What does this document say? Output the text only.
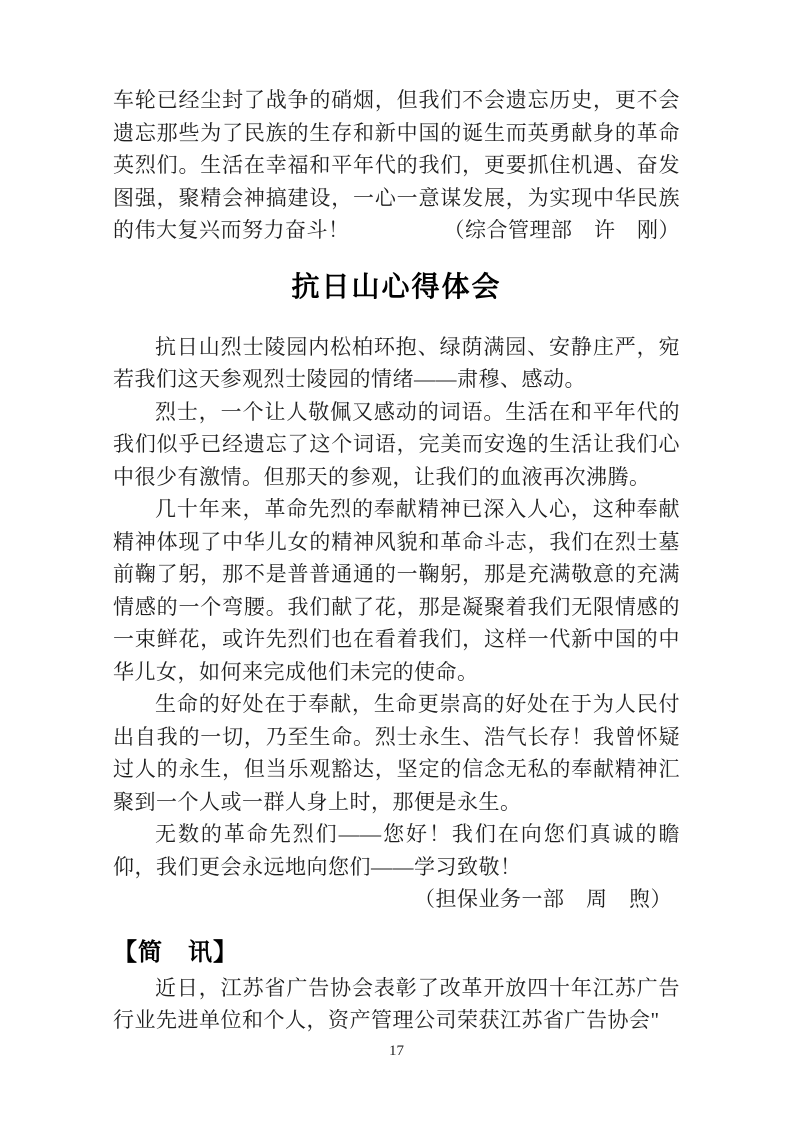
车轮已经尘封了战争的硝烟，但我们不会遗忘历史，更不会遗忘那些为了民族的生存和新中国的诞生而英勇献身的革命英烈们。生活在幸福和平年代的我们，更要抓住机遇、奋发图强，聚精会神搞建设，一心一意谋发展，为实现中华民族的伟大复兴而努力奋斗！	（综合管理部　许　刚）

抗日山心得体会

抗日山烈士陵园内松柏环抱、绿荫满园、安静庄严，宛若我们这天参观烈士陵园的情绪——肃穆、感动。

烈士，一个让人敬佩又感动的词语。生活在和平年代的我们似乎已经遗忘了这个词语，完美而安逸的生活让我们心中很少有激情。但那天的参观，让我们的血液再次沸腾。

几十年来，革命先烈的奉献精神已深入人心，这种奉献精神体现了中华儿女的精神风貌和革命斗志，我们在烈士墓前鞠了躬，那不是普普通通的一鞠躬，那是充满敬意的充满情感的一个弯腰。我们献了花，那是凝聚着我们无限情感的一束鲜花，或许先烈们也在看着我们，这样一代新中国的中华儿女，如何来完成他们未完的使命。

生命的好处在于奉献，生命更崇高的好处在于为人民付出自我的一切，乃至生命。烈士永生、浩气长存！我曾怀疑过人的永生，但当乐观豁达，坚定的信念无私的奉献精神汇聚到一个人或一群人身上时，那便是永生。

无数的革命先烈们——您好！我们在向您们真诚的瞻仰，我们更会永远地向您们——学习致敬！

（担保业务一部　周　煦）

【简　讯】

近日，江苏省广告协会表彰了改革开放四十年江苏广告行业先进单位和个人，资产管理公司荣获江苏省广告协会"

17
